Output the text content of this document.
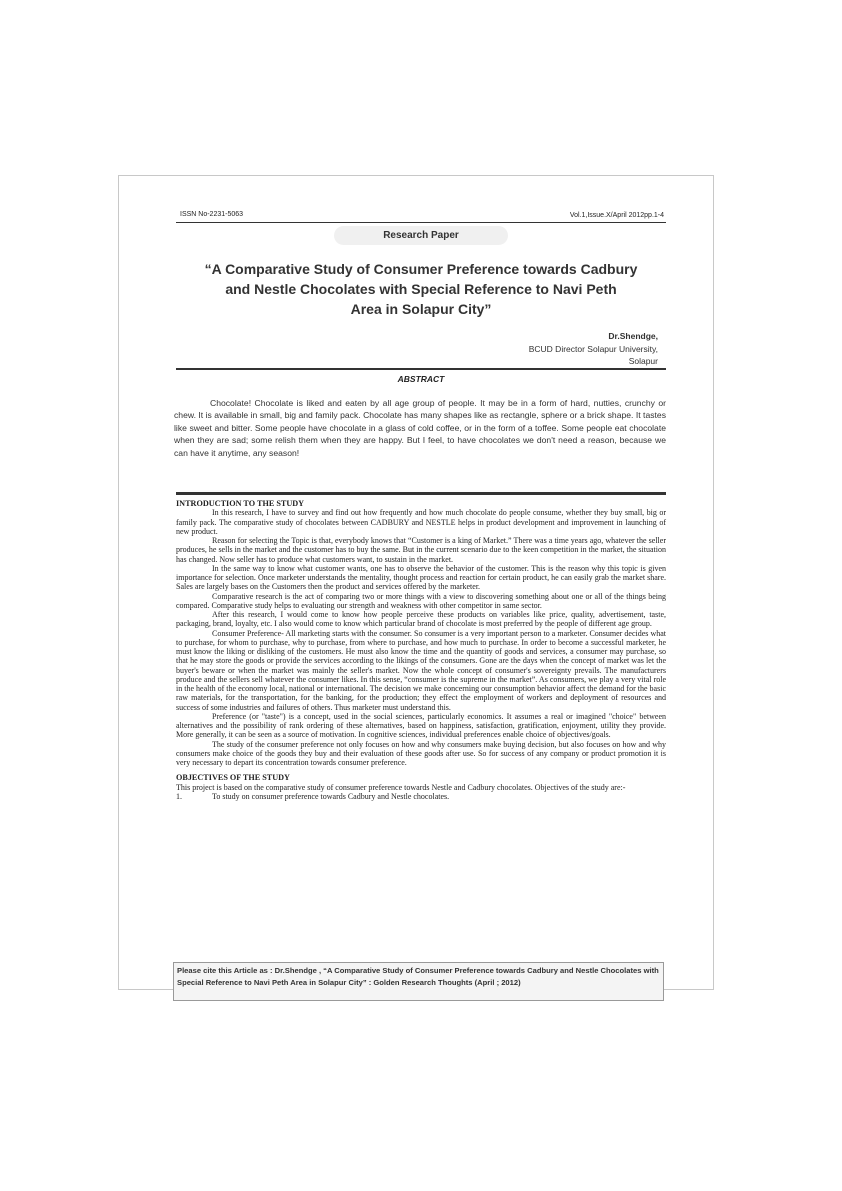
ISSN No-2231-5063	Vol.1,Issue.X/April 2012pp.1-4
Research Paper
“A Comparative Study of Consumer Preference towards Cadbury
and Nestle Chocolates with Special Reference to Navi Peth
Area in Solapur City”
Dr.Shendge,
BCUD Director Solapur University,
Solapur
ABSTRACT

Chocolate! Chocolate is liked and eaten by all age group of people. It may be in a form of hard, nutties, crunchy or chew. It is available in small, big and family pack. Chocolate has many shapes like as rectangle, sphere or a brick shape. It tastes like sweet and bitter. Some people have chocolate in a glass of cold coffee, or in the form of a toffee. Some people eat chocolate when they are sad; some relish them when they are happy. But I feel, to have chocolates we don't need a reason, because we can have it anytime, any season!

INTRODUCTION TO THE STUDY

In this research, I have to survey and find out how frequently and how much chocolate do people consume, whether they buy small, big or family pack. The comparative study of chocolates between CADBURY and NESTLE helps in product development and improvement in launching of new product.

Reason for selecting the Topic is that, everybody knows that “Customer is a king of Market.” There was a time years ago, whatever the seller produces, he sells in the market and the customer has to buy the same. But in the current scenario due to the keen competition in the market, the situation has changed. Now seller has to produce what customers want, to sustain in the market.

In the same way to know what customer wants, one has to observe the behavior of the customer. This is the reason why this topic is given importance for selection. Once marketer understands the mentality, thought process and reaction for certain product, he can easily grab the market share. Sales are largely bases on the Customers then the product and services offered by the marketer.

Comparative research is the act of comparing two or more things with a view to discovering something about one or all of the things being compared. Comparative study helps to evaluating our strength and weakness with other competitor in same sector.

After this research, I would come to know how people perceive these products on variables like price, quality, advertisement, taste, packaging, brand, loyalty, etc. I also would come to know which particular brand of chocolate is most preferred by the people of different age group.

Consumer Preference- All marketing starts with the consumer. So consumer is a very important person to a marketer. Consumer decides what to purchase, for whom to purchase, why to purchase, from where to purchase, and how much to purchase. In order to become a successful marketer, he must know the liking or disliking of the customers. He must also know the time and the quantity of goods and services, a consumer may purchase, so that he may store the goods or provide the services according to the likings of the consumers. Gone are the days when the concept of market was let the buyer's beware or when the market was mainly the seller's market. Now the whole concept of consumer's sovereignty prevails. The manufacturers produce and the sellers sell whatever the consumer likes. In this sense, “consumer is the supreme in the market”. As consumers, we play a very vital role in the health of the economy local, national or international. The decision we make concerning our consumption behavior affect the demand for the basic raw materials, for the transportation, for the banking, for the production; they effect the employment of workers and deployment of resources and success of some industries and failures of others. Thus marketer must understand this.

Preference (or "taste") is a concept, used in the social sciences, particularly economics. It assumes a real or imagined "choice" between alternatives and the possibility of rank ordering of these alternatives, based on happiness, satisfaction, gratification, enjoyment, utility they provide. More generally, it can be seen as a source of motivation. In cognitive sciences, individual preferences enable choice of objectives/goals.

The study of the consumer preference not only focuses on how and why consumers make buying decision, but also focuses on how and why consumers make choice of the goods they buy and their evaluation of these goods after use. So for success of any company or product promotion it is very necessary to depart its concentration towards consumer preference.

OBJECTIVES OF THE STUDY

This project is based on the comparative study of consumer preference towards Nestle and Cadbury chocolates. Objectives of the study are:-

1.	To study on consumer preference towards Cadbury and Nestle chocolates.
Please cite this Article as : Dr.Shendge , “A Comparative Study of Consumer Preference towards Cadbury and Nestle Chocolates with Special Reference to Navi Peth Area in Solapur City” : Golden Research Thoughts (April ; 2012)
